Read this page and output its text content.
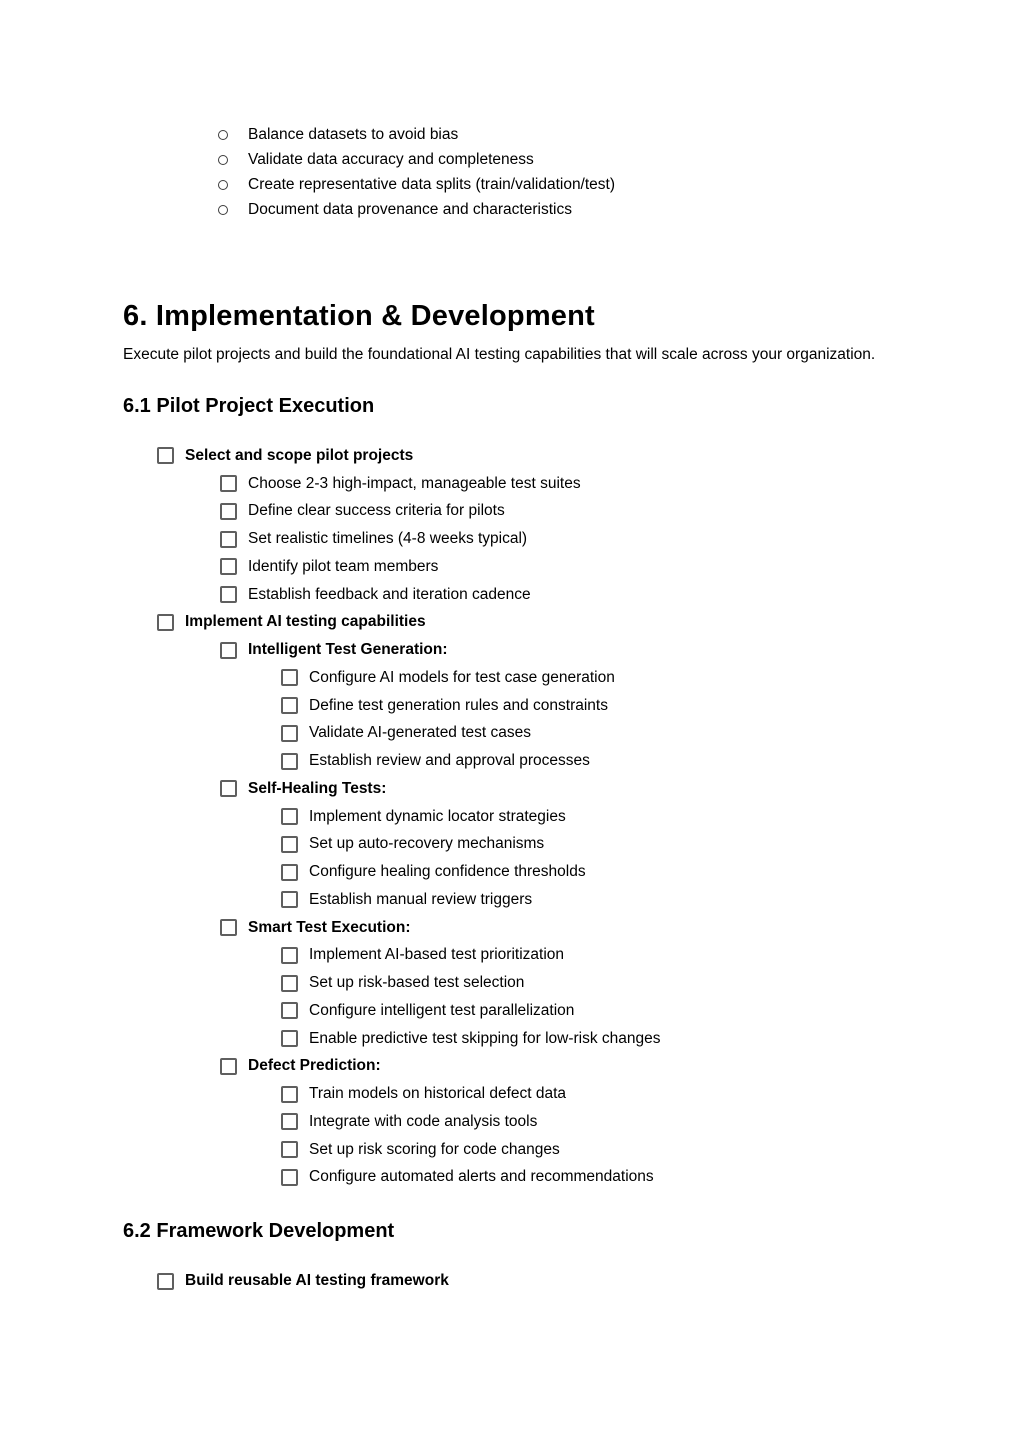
Balance datasets to avoid bias
Validate data accuracy and completeness
Create representative data splits (train/validation/test)
Document data provenance and characteristics
6. Implementation & Development

Execute pilot projects and build the foundational AI testing capabilities that will scale across your organization.

6.1 Pilot Project Execution
Select and scope pilot projects
Choose 2-3 high-impact, manageable test suites
Define clear success criteria for pilots
Set realistic timelines (4-8 weeks typical)
Identify pilot team members
Establish feedback and iteration cadence
Implement AI testing capabilities
Intelligent Test Generation:
Configure AI models for test case generation
Define test generation rules and constraints
Validate AI-generated test cases
Establish review and approval processes
Self-Healing Tests:
Implement dynamic locator strategies
Set up auto-recovery mechanisms
Configure healing confidence thresholds
Establish manual review triggers
Smart Test Execution:
Implement AI-based test prioritization
Set up risk-based test selection
Configure intelligent test parallelization
Enable predictive test skipping for low-risk changes
Defect Prediction:
Train models on historical defect data
Integrate with code analysis tools
Set up risk scoring for code changes
Configure automated alerts and recommendations
6.2 Framework Development
Build reusable AI testing framework
